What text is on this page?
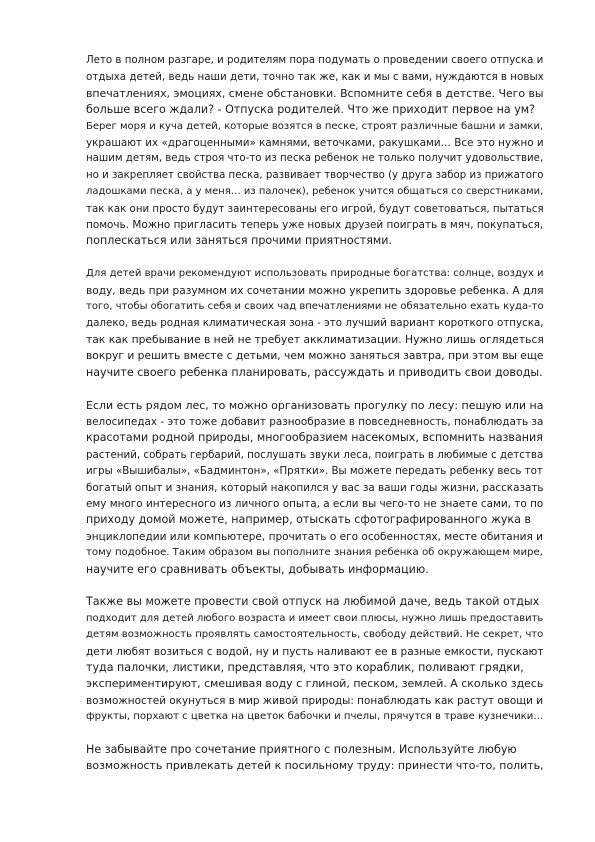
Лето в полном разгаре, и родителям пора подумать о проведении своего отпуска и
отдыха детей, ведь наши дети, точно так же, как и мы с вами, нуждаются в новых
впечатлениях, эмоциях, смене обстановки. Вспомните себя в детстве. Чего вы
больше всего ждали? - Отпуска родителей. Что же приходит первое на ум?
Берег моря и куча детей, которые возятся в песке, строят различные башни и замки,
украшают их «драгоценными» камнями, веточками, ракушками… Все это нужно и
нашим детям, ведь строя что-то из песка ребенок не только получит удовольствие,
но и закрепляет свойства песка, развивает творчество (у друга забор из прижатого
ладошками песка, а у меня… из палочек), ребенок учится общаться со сверстниками,
так как они просто будут заинтересованы его игрой, будут советоваться, пытаться
помочь. Можно пригласить теперь уже новых друзей поиграть в мяч, покупаться,
поплескаться или заняться прочими приятностями.

Для детей врачи рекомендуют использовать природные богатства: солнце, воздух и
воду, ведь при разумном их сочетании можно укрепить здоровье ребенка. А для
того, чтобы обогатить себя и своих чад впечатлениями не обязательно ехать куда-то
далеко, ведь родная климатическая зона - это лучший вариант короткого отпуска,
так как пребывание в ней не требует акклиматизации. Нужно лишь оглядеться
вокруг и решить вместе с детьми, чем можно заняться завтра, при этом вы еще
научите своего ребенка планировать, рассуждать и приводить свои доводы.

Если есть рядом лес, то можно организовать прогулку по лесу: пешую или на
велосипедах - это тоже добавит разнообразие в повседневность, понаблюдать за
красотами родной природы, многообразием насекомых, вспомнить названия
растений, собрать гербарий, послушать звуки леса, поиграть в любимые с детства
игры «Вышибалы», «Бадминтон», «Прятки». Вы можете передать ребенку весь тот
богатый опыт и знания, который накопился у вас за ваши годы жизни, рассказать
ему много интересного из личного опыта, а если вы чего-то не знаете сами, то по
приходу домой можете, например, отыскать сфотографированного жука в
энциклопедии или компьютере, прочитать о его особенностях, месте обитания и
тому подобное. Таким образом вы пополните знания ребенка об окружающем мире,
научите его сравнивать объекты, добывать информацию.

Также вы можете провести свой отпуск на любимой даче, ведь такой отдых
подходит для детей любого возраста и имеет свои плюсы, нужно лишь предоставить
детям возможность проявлять самостоятельность, свободу действий. Не секрет, что
дети любят возиться с водой, ну и пусть наливают ее в разные емкости, пускают
туда палочки, листики, представляя, что это кораблик, поливают грядки,
экспериментируют, смешивая воду с глиной, песком, землей. А сколько здесь
возможностей окунуться в мир живой природы: понаблюдать как растут овощи и
фрукты, порхают с цветка на цветок бабочки и пчелы, прячутся в траве кузнечики…

Не забывайте про сочетание приятного с полезным. Используйте любую
возможность привлекать детей к посильному труду: принести что-то, полить,
